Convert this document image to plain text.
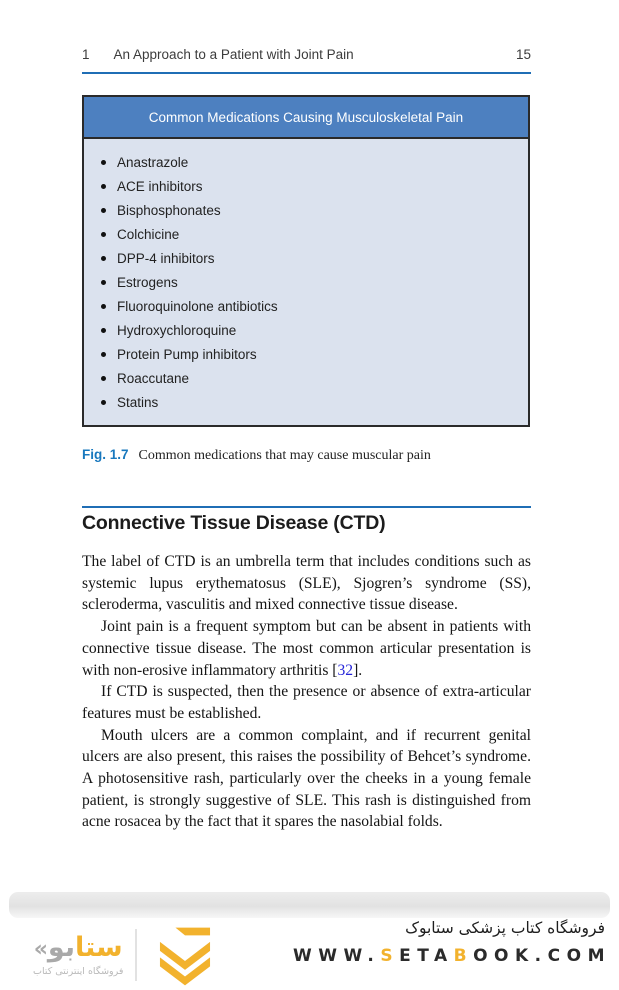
1 An Approach to a Patient with Joint Pain	15
Common Medications Causing Musculoskeletal Pain
Anastrazole
ACE inhibitors
Bisphosphonates
Colchicine
DPP-4 inhibitors
Estrogens
Fluoroquinolone antibiotics
Hydroxychloroquine
Protein Pump inhibitors
Roaccutane
Statins
Fig. 1.7 Common medications that may cause muscular pain
Connective Tissue Disease (CTD)

The label of CTD is an umbrella term that includes conditions such as systemic lupus erythematosus (SLE), Sjogren’s syndrome (SS), scleroderma, vasculitis and mixed connective tissue disease.

Joint pain is a frequent symptom but can be absent in patients with connective tissue disease. The most common articular presentation is with non-erosive inflammatory arthritis [32].

If CTD is suspected, then the presence or absence of extra-articular features must be established.

Mouth ulcers are a common complaint, and if recurrent genital ulcers are also present, this raises the possibility of Behcet’s syndrome. A photosensitive rash, particularly over the cheeks in a young female patient, is strongly suggestive of SLE. This rash is distinguished from acne rosacea by the fact that it spares the nasolabial folds.

ستابو«
فروشگاه اینترنتی کتاب
فروشگاه کتاب پزشکی ستابوک
WWW.SETABOOK.COM
